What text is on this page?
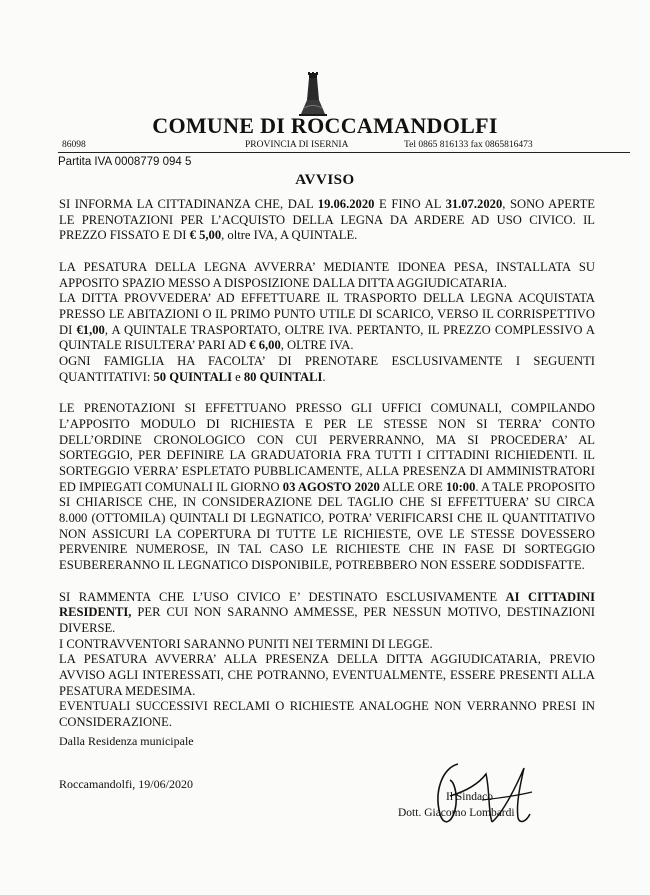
COMUNE DI ROCCAMANDOLFI
86098	PROVINCIA DI ISERNIA	Tel 0865 816133 fax 0865816473
Partita IVA 0008779 094 5
AVVISO

SI INFORMA LA CITTADINANZA CHE, DAL 19.06.2020 E FINO AL 31.07.2020, SONO APERTE LE PRENOTAZIONI PER L’ACQUISTO DELLA LEGNA DA ARDERE AD USO CIVICO. IL PREZZO FISSATO E DI € 5,00, oltre IVA, A QUINTALE.

LA PESATURA DELLA LEGNA AVVERRA’ MEDIANTE IDONEA PESA, INSTALLATA SU APPOSITO SPAZIO MESSO A DISPOSIZIONE DALLA DITTA AGGIUDICATARIA.

LA DITTA PROVVEDERA’ AD EFFETTUARE IL TRASPORTO DELLA LEGNA ACQUISTATA PRESSO LE ABITAZIONI O IL PRIMO PUNTO UTILE DI SCARICO, VERSO IL CORRISPETTIVO DI €1,00, A QUINTALE TRASPORTATO, OLTRE IVA. PERTANTO, IL PREZZO COMPLESSIVO A QUINTALE RISULTERA’ PARI AD € 6,00, OLTRE IVA.

OGNI FAMIGLIA HA FACOLTA’ DI PRENOTARE ESCLUSIVAMENTE I SEGUENTI QUANTITATIVI: 50 QUINTALI e 80 QUINTALI.

LE PRENOTAZIONI SI EFFETTUANO PRESSO GLI UFFICI COMUNALI, COMPILANDO L’APPOSITO MODULO DI RICHIESTA E PER LE STESSE NON SI TERRA’ CONTO DELL’ORDINE CRONOLOGICO CON CUI PERVERRANNO, MA SI PROCEDERA’ AL SORTEGGIO, PER DEFINIRE LA GRADUATORIA FRA TUTTI I CITTADINI RICHIEDENTI. IL SORTEGGIO VERRA’ ESPLETATO PUBBLICAMENTE, ALLA PRESENZA DI AMMINISTRATORI ED IMPIEGATI COMUNALI IL GIORNO 03 AGOSTO 2020 ALLE ORE 10:00. A TALE PROPOSITO SI CHIARISCE CHE, IN CONSIDERAZIONE DEL TAGLIO CHE SI EFFETTUERA’ SU CIRCA 8.000 (OTTOMILA) QUINTALI DI LEGNATICO, POTRA’ VERIFICARSI CHE IL QUANTITATIVO NON ASSICURI LA COPERTURA DI TUTTE LE RICHIESTE, OVE LE STESSE DOVESSERO PERVENIRE NUMEROSE, IN TAL CASO LE RICHIESTE CHE IN FASE DI SORTEGGIO ESUBERERANNO IL LEGNATICO DISPONIBILE, POTREBBERO NON ESSERE SODDISFATTE.

SI RAMMENTA CHE L’USO CIVICO E’ DESTINATO ESCLUSIVAMENTE AI CITTADINI RESIDENTI, PER CUI NON SARANNO AMMESSE, PER NESSUN MOTIVO, DESTINAZIONI DIVERSE.

I CONTRAVVENTORI SARANNO PUNITI NEI TERMINI DI LEGGE.

LA PESATURA AVVERRA’ ALLA PRESENZA DELLA DITTA AGGIUDICATARIA, PREVIO AVVISO AGLI INTERESSATI, CHE POTRANNO, EVENTUALMENTE, ESSERE PRESENTI ALLA PESATURA MEDESIMA.

EVENTUALI SUCCESSIVI RECLAMI O RICHIESTE ANALOGHE NON VERRANNO PRESI IN CONSIDERAZIONE.

Dalla Residenza municipale
Roccamandolfi, 19/06/2020
Il Sindaco
Dott. Giacomo Lombardi
